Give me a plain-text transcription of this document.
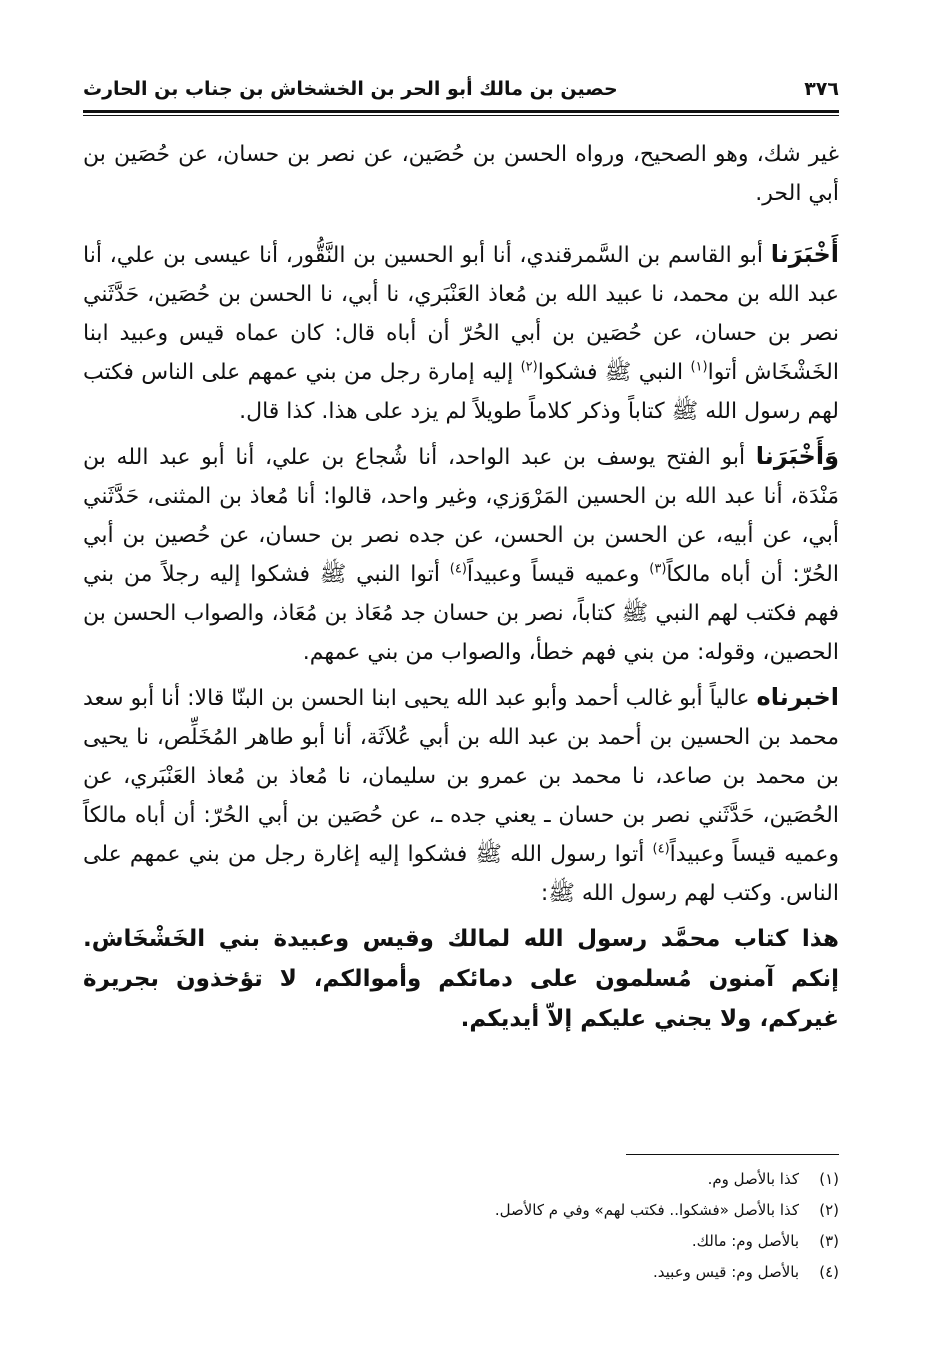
٣٧٦
حصين بن مالك أبو الحر بن الخشخاش بن جناب بن الحارث

غير شك، وهو الصحيح، ورواه الحسن بن حُصَين، عن نصر بن حسان، عن حُصَين بن أبي الحر.

أَخْبَرَنا أبو القاسم بن السَّمرقندي، أنا أبو الحسين بن النَّقُّور، أنا عيسى بن علي، أنا عبد الله بن محمد، نا عبيد الله بن مُعاذ العَنْبَري، نا أبي، نا الحسن بن حُصَين، حَدَّثَني نصر بن حسان، عن حُصَين بن أبي الحُرّ أن أباه قال: كان عماه قيس وعبيد ابنا الخَشْخَاش أتوا$^{(١)}$ النبي ﷺ فشكوا$^{(٢)}$ إليه إمارة رجل من بني عمهم على الناس فكتب لهم رسول الله ﷺ كتاباً وذكر كلاماً طويلاً لم يزد على هذا. كذا قال.

وَأَخْبَرَنا أبو الفتح يوسف بن عبد الواحد، أنا شُجاع بن علي، أنا أبو عبد الله بن مَنْدَة، أنا عبد الله بن الحسين المَرْوَزي، وغير واحد، قالوا: أنا مُعاذ بن المثنى، حَدَّثَني أبي، عن أبيه، عن الحسن بن الحسن، عن جده نصر بن حسان، عن حُصين بن أبي الحُرّ: أن أباه مالكاً$^{(٣)}$ وعميه قيساً وعبيداً$^{(٤)}$ أتوا النبي ﷺ فشكوا إليه رجلاً من بني فهم فكتب لهم النبي ﷺ كتاباً، نصر بن حسان جد مُعَاذ بن مُعَاذ، والصواب الحسن بن الحصين، وقوله: من بني فهم خطأ، والصواب من بني عمهم.

اخبرناه عالياً أبو غالب أحمد وأبو عبد الله يحيى ابنا الحسن بن البنّا قالا: أنا أبو سعد محمد بن الحسين بن أحمد بن عبد الله بن أبي عُلاَثَة، أنا أبو طاهر المُخَلِّص، نا يحيى بن محمد بن صاعد، نا محمد بن عمرو بن سليمان، نا مُعاذ بن مُعاذ العَنْبَري، عن الحُصَين، حَدَّثَني نصر بن حسان ـ يعني جده ـ، عن حُصَين بن أبي الحُرّ: أن أباه مالكاً وعميه قيساً وعبيداً$^{(٤)}$ أتوا رسول الله ﷺ فشكوا إليه إغارة رجل من بني عمهم على الناس. وكتب لهم رسول الله ﷺ:

هذا كتاب محمَّد رسول الله لمالك وقيس وعبيدة بني الخَشْخَاش. إنكم آمنون مُسلمون على دمائكم وأموالكم، لا تؤخذون بجريرة غيركم، ولا يجني عليكم إلاّ أيديكم.

(١)
كذا بالأصل وم.
(٢)
كذا بالأصل «فشكوا.. فكتب لهم» وفي م كالأصل.
(٣)
بالأصل وم: مالك.
(٤)
بالأصل وم: قيس وعبيد.
